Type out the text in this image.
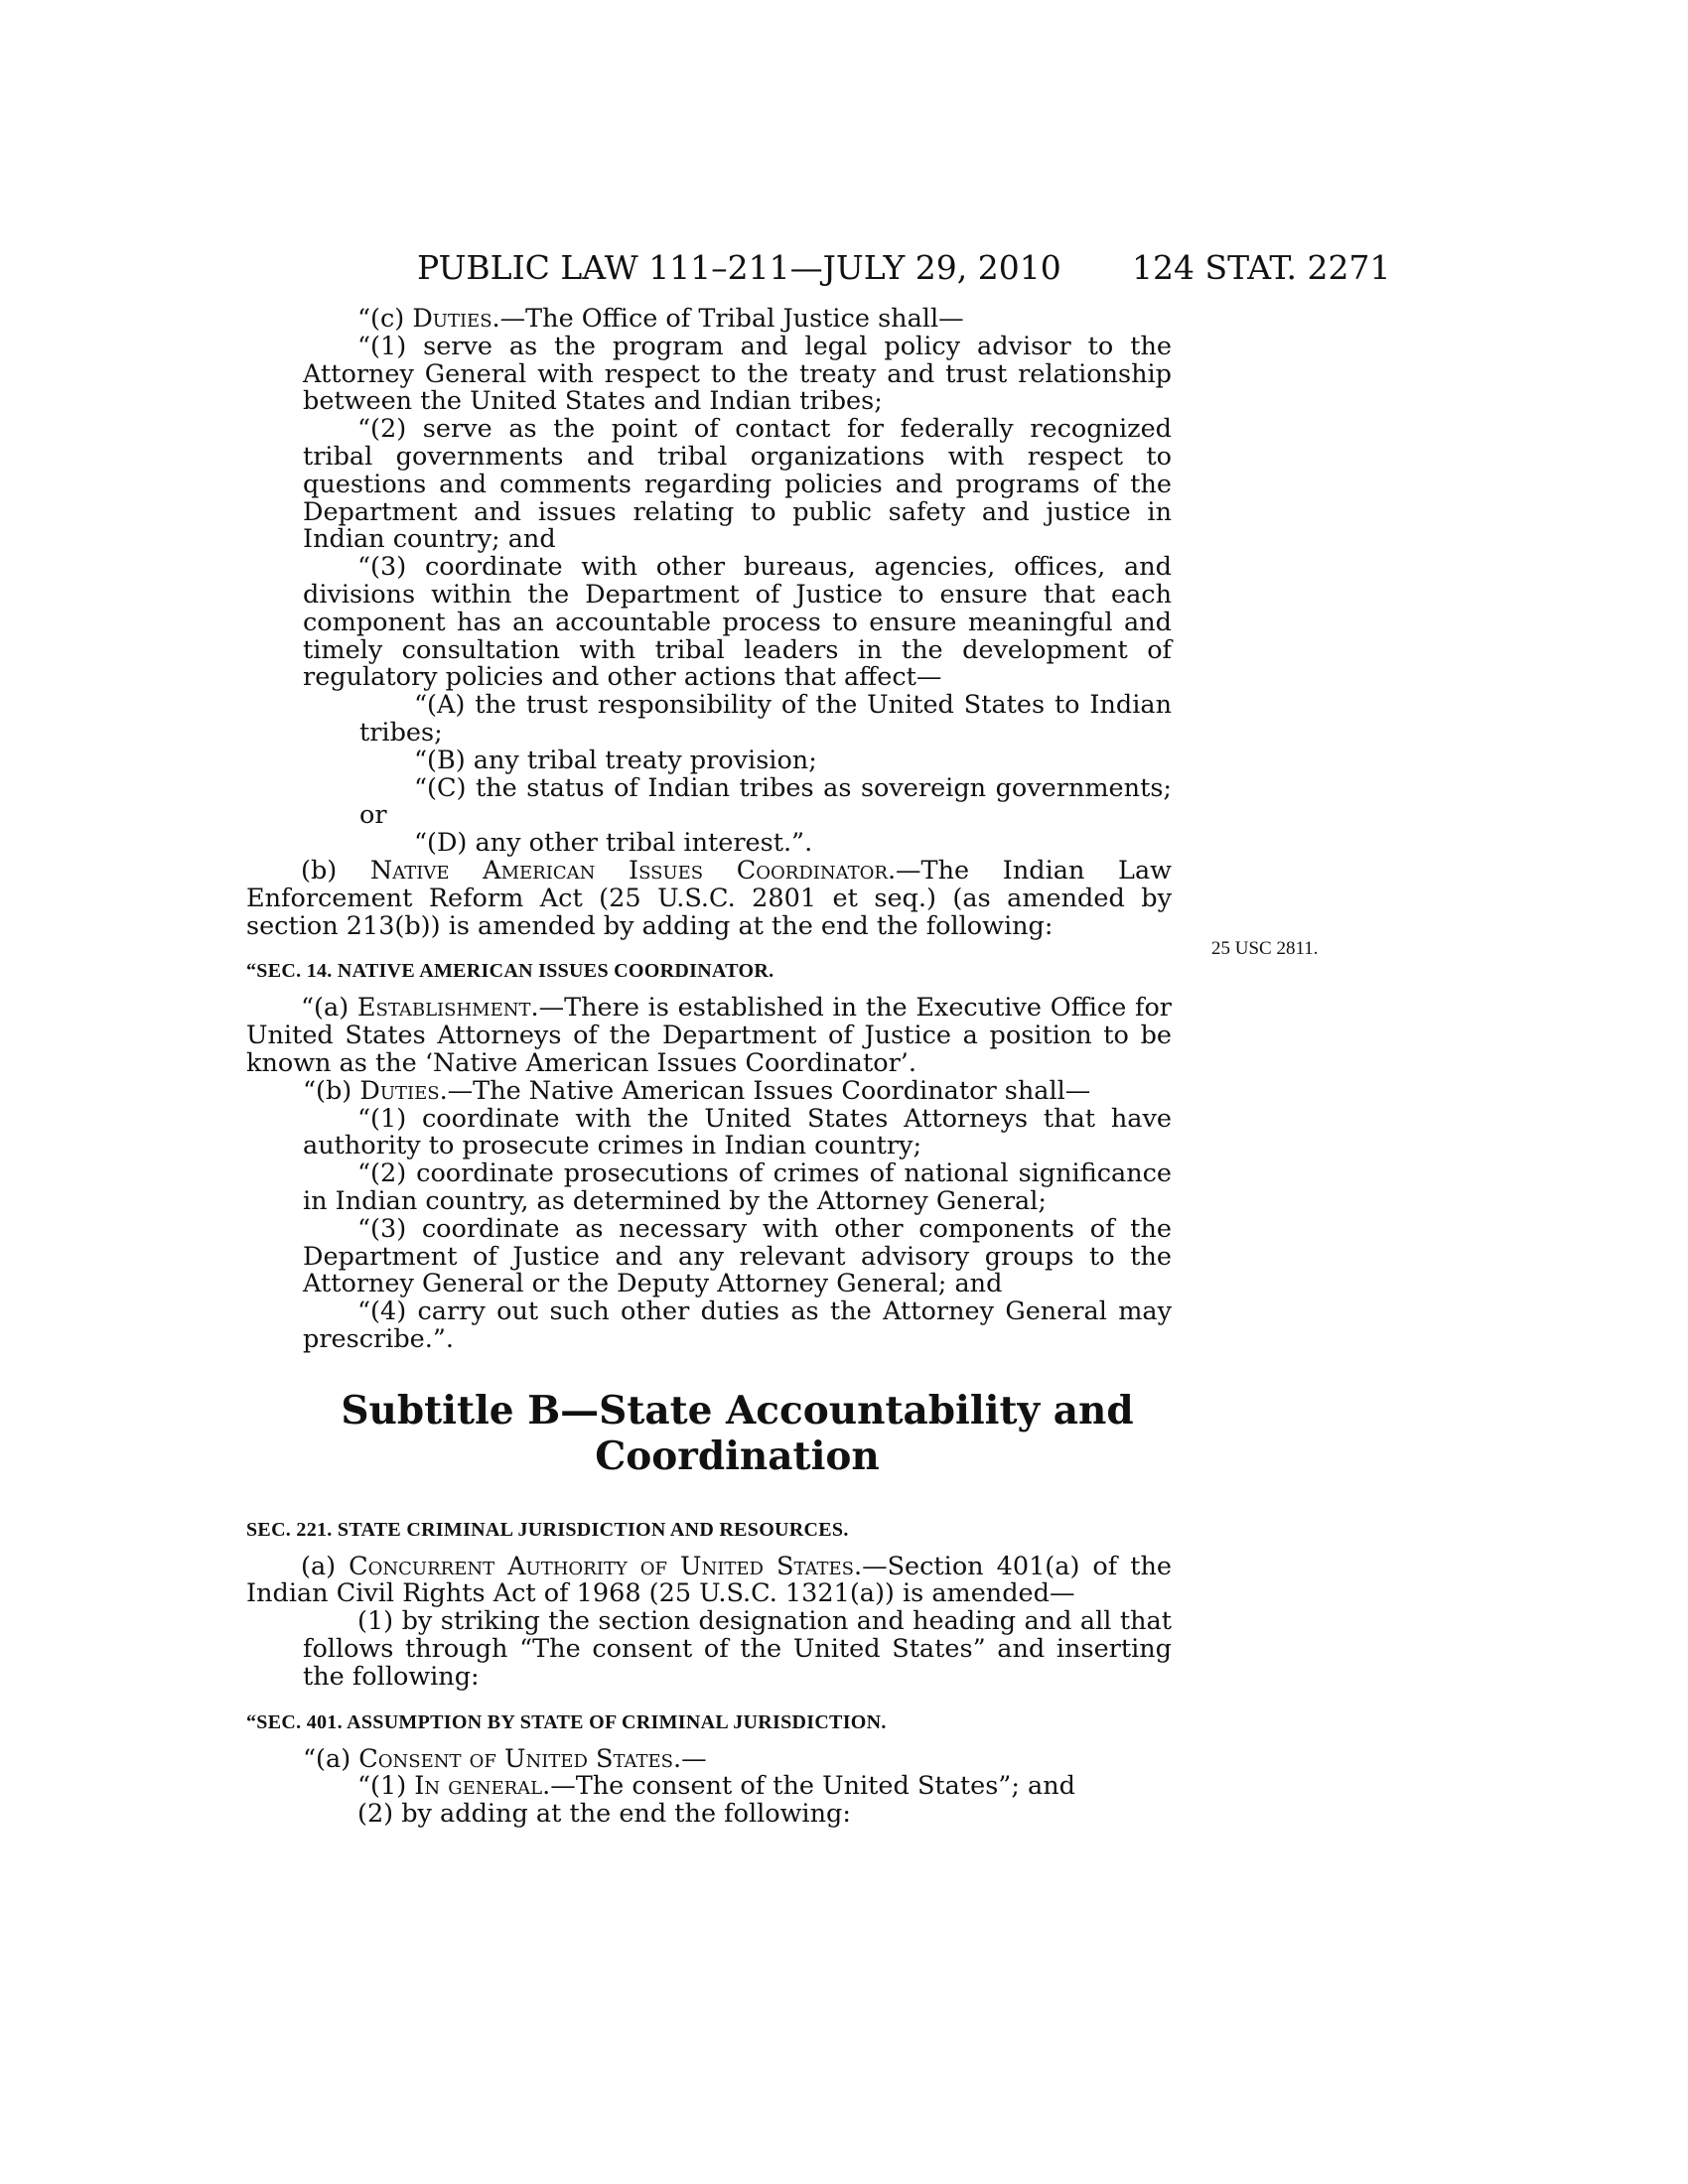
PUBLIC LAW 111–211—JULY 29, 2010 124 STAT. 2271
25 USC 2811.

“(c) Duties.—The Office of Tribal Justice shall—

“(1) serve as the program and legal policy advisor to the Attorney General with respect to the treaty and trust relationship between the United States and Indian tribes;

“(2) serve as the point of contact for federally recognized tribal governments and tribal organizations with respect to questions and comments regarding policies and programs of the Department and issues relating to public safety and justice in Indian country; and

“(3) coordinate with other bureaus, agencies, offices, and divisions within the Department of Justice to ensure that each component has an accountable process to ensure meaningful and timely consultation with tribal leaders in the development of regulatory policies and other actions that affect—

“(A) the trust responsibility of the United States to Indian tribes;

“(B) any tribal treaty provision;

“(C) the status of Indian tribes as sovereign governments; or

“(D) any other tribal interest.”.

(b) Native American Issues Coordinator.—The Indian Law Enforcement Reform Act (25 U.S.C. 2801 et seq.) (as amended by section 213(b)) is amended by adding at the end the following:

“SEC. 14. NATIVE AMERICAN ISSUES COORDINATOR.

“(a) Establishment.—There is established in the Executive Office for United States Attorneys of the Department of Justice a position to be known as the ‘Native American Issues Coordinator’.

“(b) Duties.—The Native American Issues Coordinator shall—

“(1) coordinate with the United States Attorneys that have authority to prosecute crimes in Indian country;

“(2) coordinate prosecutions of crimes of national significance in Indian country, as determined by the Attorney General;

“(3) coordinate as necessary with other components of the Department of Justice and any relevant advisory groups to the Attorney General or the Deputy Attorney General; and

“(4) carry out such other duties as the Attorney General may prescribe.”.

Subtitle B—State Accountability and Coordination
SEC. 221. STATE CRIMINAL JURISDICTION AND RESOURCES.

(a) Concurrent Authority of United States.—Section 401(a) of the Indian Civil Rights Act of 1968 (25 U.S.C. 1321(a)) is amended—

(1) by striking the section designation and heading and all that follows through “The consent of the United States” and inserting the following:

“SEC. 401. ASSUMPTION BY STATE OF CRIMINAL JURISDICTION.

“(a) Consent of United States.—

“(1) In general.—The consent of the United States”; and

(2) by adding at the end the following:
